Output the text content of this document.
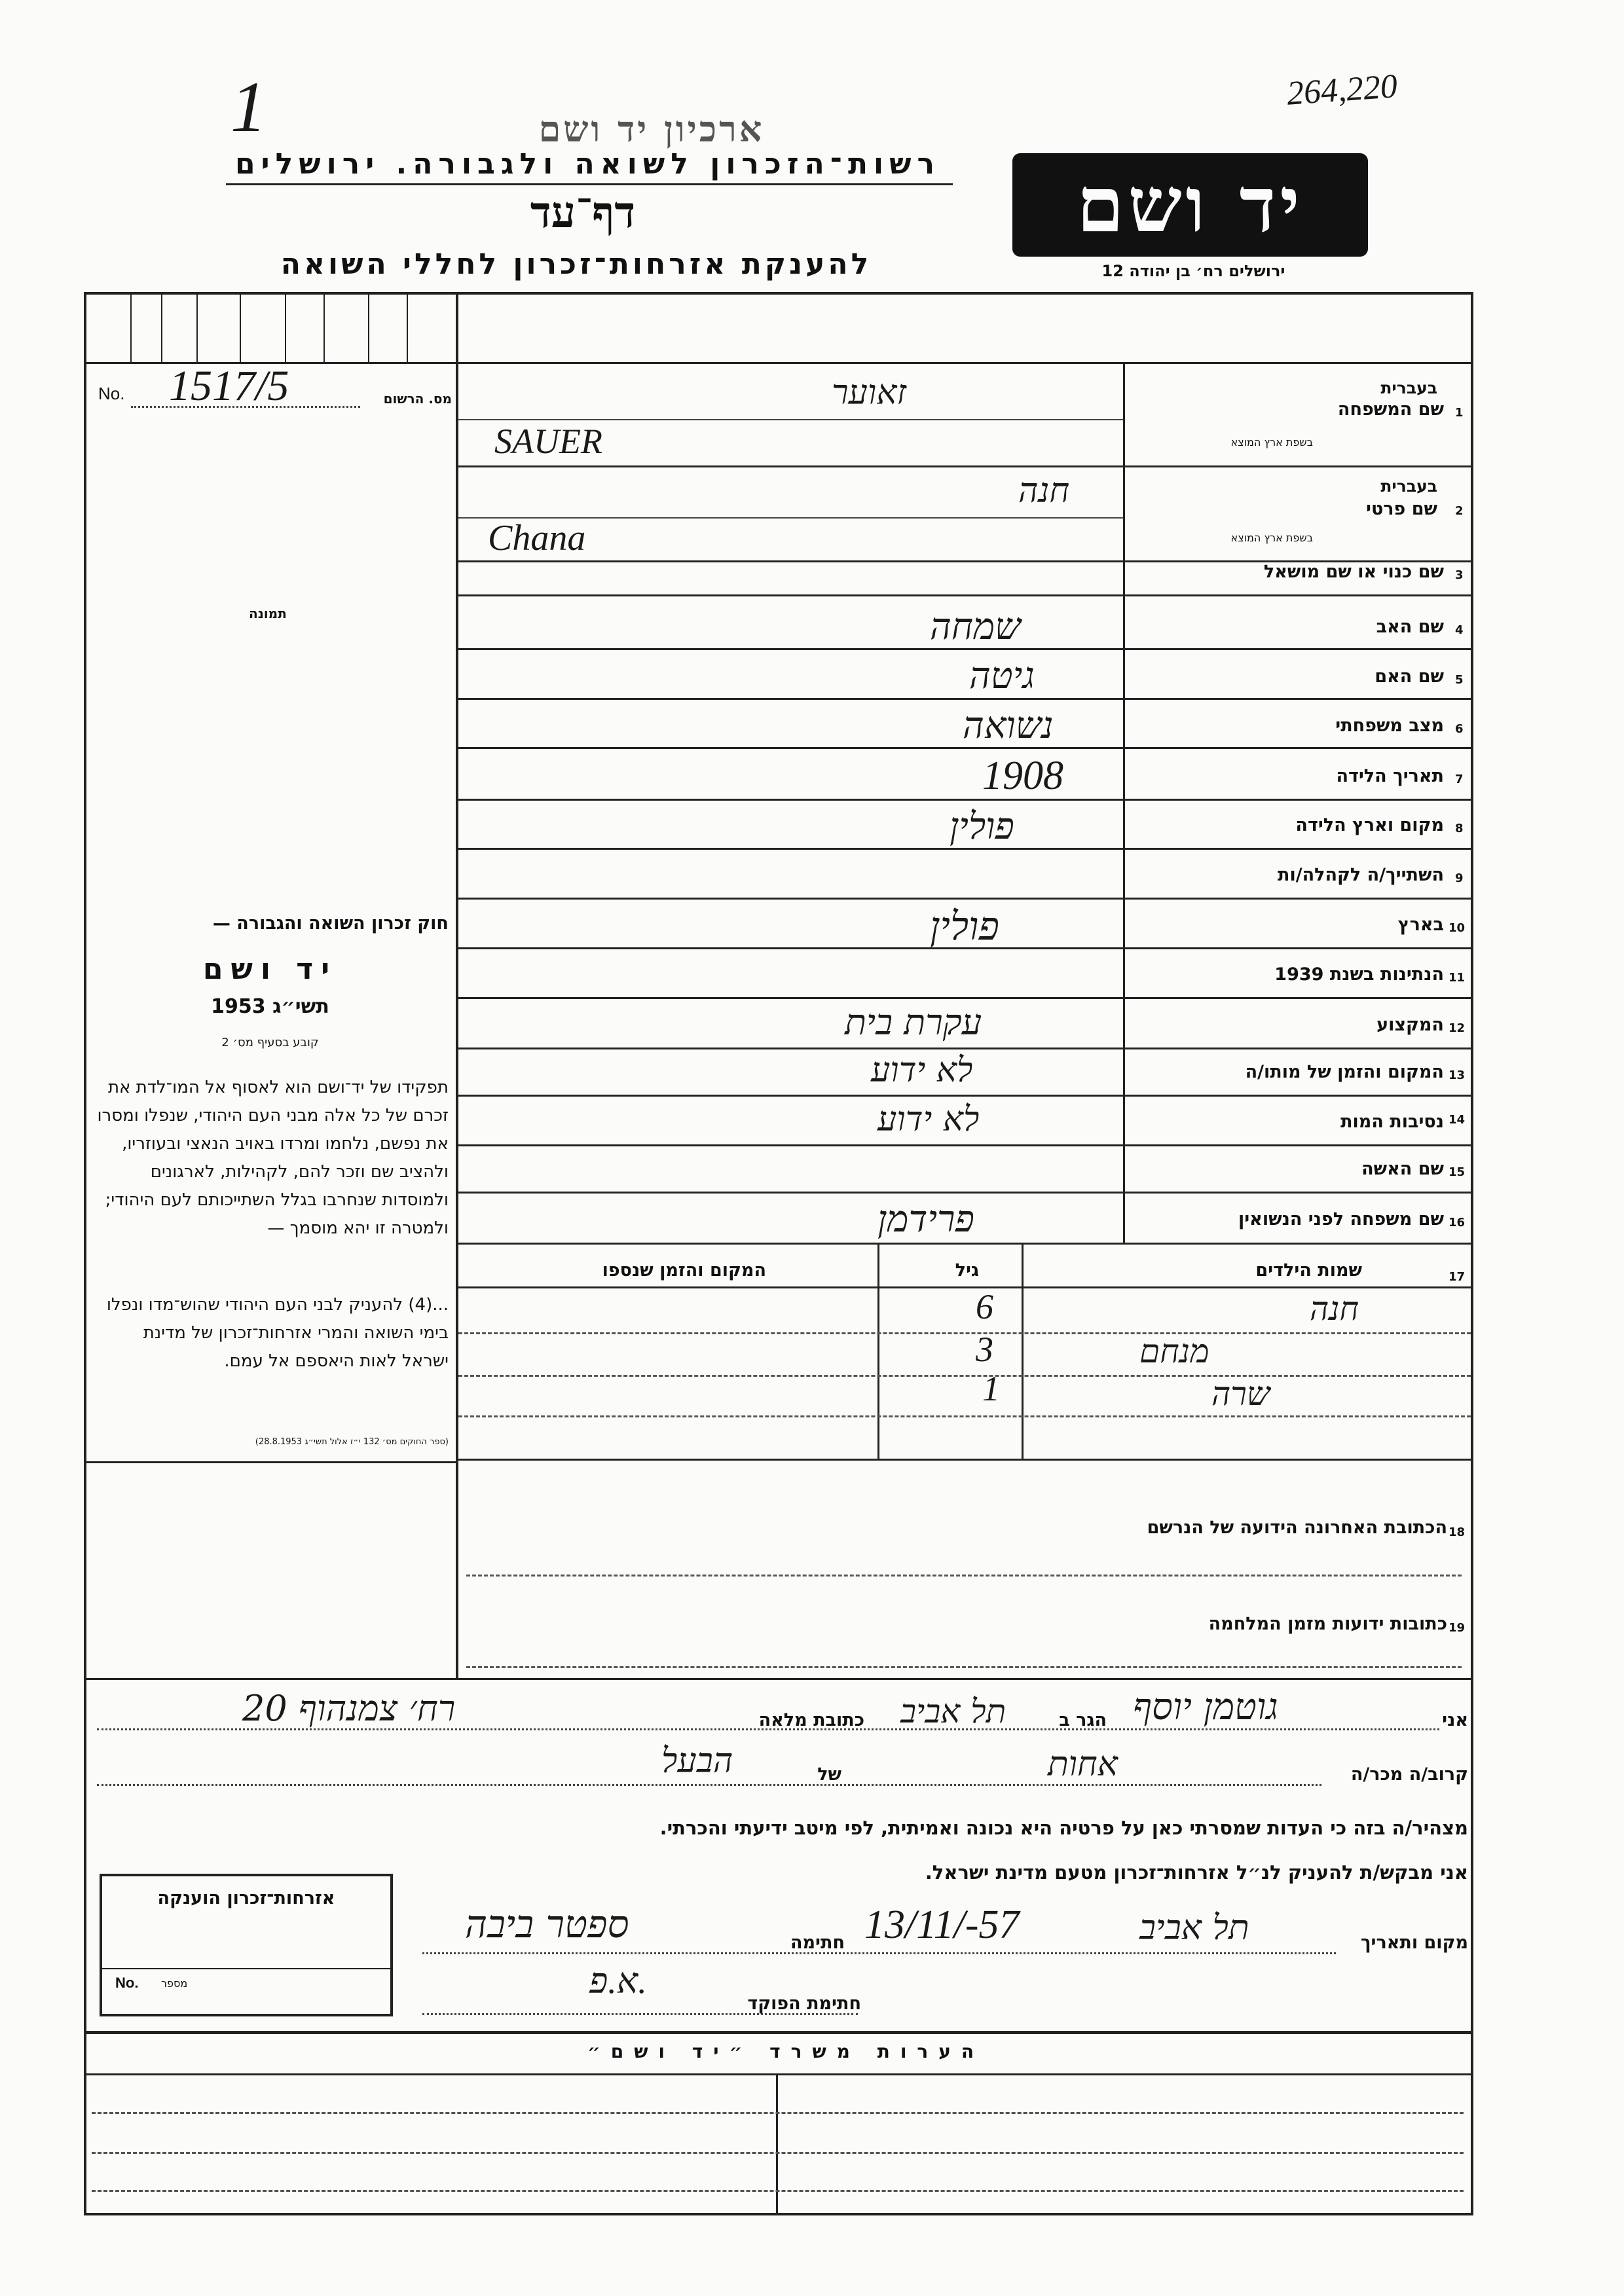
264,220
1	ארכיון יד ושם
רשות־הזכרון לשואה ולגבורה. ירושלים
דף־עד
להענקת אזרחות־זכרון לחללי השואה
יד ושם
ירושלים רח׳ בן יהודה 12
No. 1517/5	מס. הרשום
תמונה
1
שם המשפחה
בעברית
בשפת ארץ המוצא
זאוער
SAUER
2
שם פרטי
בעברית
בשפת ארץ המוצא
חנה
Chana
3
שם כנוי או שם מושאל
4
שם האב
שמחה
5
שם האם
גיטה
6
מצב משפחתי
נשואה
7
תאריך הלידה
1908
8
מקום וארץ הלידה
פולין
9
השתייך/ה לקהלה/ות
10
בארץ
פולין
11
הנתינות בשנת 1939
12
המקצוע
עקרת בית
13
המקום והזמן של מותו/ה
לא ידוע
14
נסיבות המות
לא ידוע
15
שם האשה
16
שם משפחה לפני הנשואין
פרידמן
17
שמות הילדים
גיל
המקום והזמן שנספו
חנה
6
מנחם
3
שרה
1
18
הכתובת האחרונה הידועה של הנרשם
19
כתובות ידועות מזמן המלחמה
חוק זכרון השואה והגבורה —
יד ושם
תשי״ג 1953
קובע בסעיף מס׳ 2
תפקידו של יד־ושם הוא לאסוף אל המו־לדת את זכרם של כל אלה מבני העם היהודי, שנפלו ומסרו את נפשם, נלחמו ומרדו באויב הנאצי ובעוזריו, ולהציב שם וזכר להם, לקהילות, לארגונים ולמוסדות שנחרבו בגלל השתייכותם לעם היהודי; ולמטרה זו יהא מוסמך —
...(4) להעניק לבני העם היהודי שהוש־מדו ונפלו בימי השואה והמרי אזרחות־זכרון של מדינת ישראל לאות היאספם אל עמם.
(ספר החוקים מס׳ 132 י״ז אלול תשי״ג 28.8.1953)
אני
גוטמן יוסף
הגר ב
תל אביב
כתובת מלאה
רח׳ צמנהוף 20
קרוב/ה מכר/ה
אחות
של
הבעל
מצהיר/ה בזה כי העדות שמסרתי כאן על פרטיה היא נכונה ואמיתית, לפי מיטב ידיעתי והכרתי.
אני מבקש/ת להעניק לנ״ל אזרחות־זכרון מטעם מדינת ישראל.
מקום ותאריך
תל אביב
13/11/-57
חתימה
ספטר ביבה
חתימת הפוקד
א.פ.
אזרחות־זכרון הוענקה
No. מספר
הערות משרד ״יד ושם״
